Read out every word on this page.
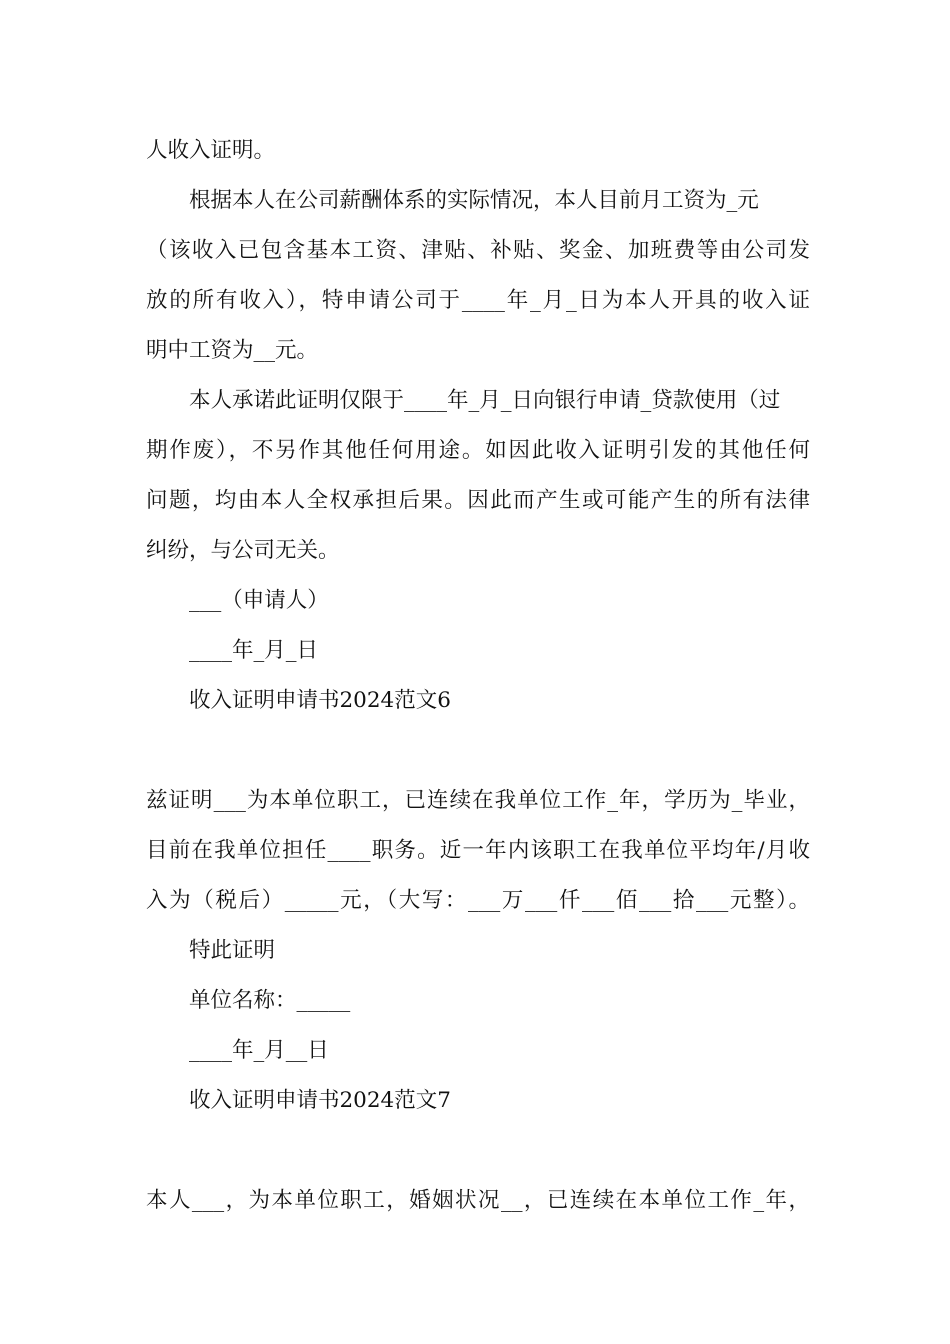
人收入证明。
根据本人在公司薪酬体系的实际情况，本人目前月工资为_元
（该收入已包含基本工资、津贴、补贴、奖金、加班费等由公司发
放的所有收入），特申请公司于____年_月_日为本人开具的收入证
明中工资为__元。
本人承诺此证明仅限于____年_月_日向银行申请_贷款使用（过
期作废），不另作其他任何用途。如因此收入证明引发的其他任何
问题，均由本人全权承担后果。因此而产生或可能产生的所有法律
纠纷，与公司无关。
___（申请人）
____年_月_日
收入证明申请书2024范文6
兹证明___为本单位职工，已连续在我单位工作_年，学历为_毕业，
目前在我单位担任____职务。近一年内该职工在我单位平均年/月收
入为（税后）_____元，（大写：___万___仟___佰___拾___元整）。
特此证明
单位名称：_____
____年_月__日
收入证明申请书2024范文7
本人___，为本单位职工，婚姻状况__，已连续在本单位工作_年，
